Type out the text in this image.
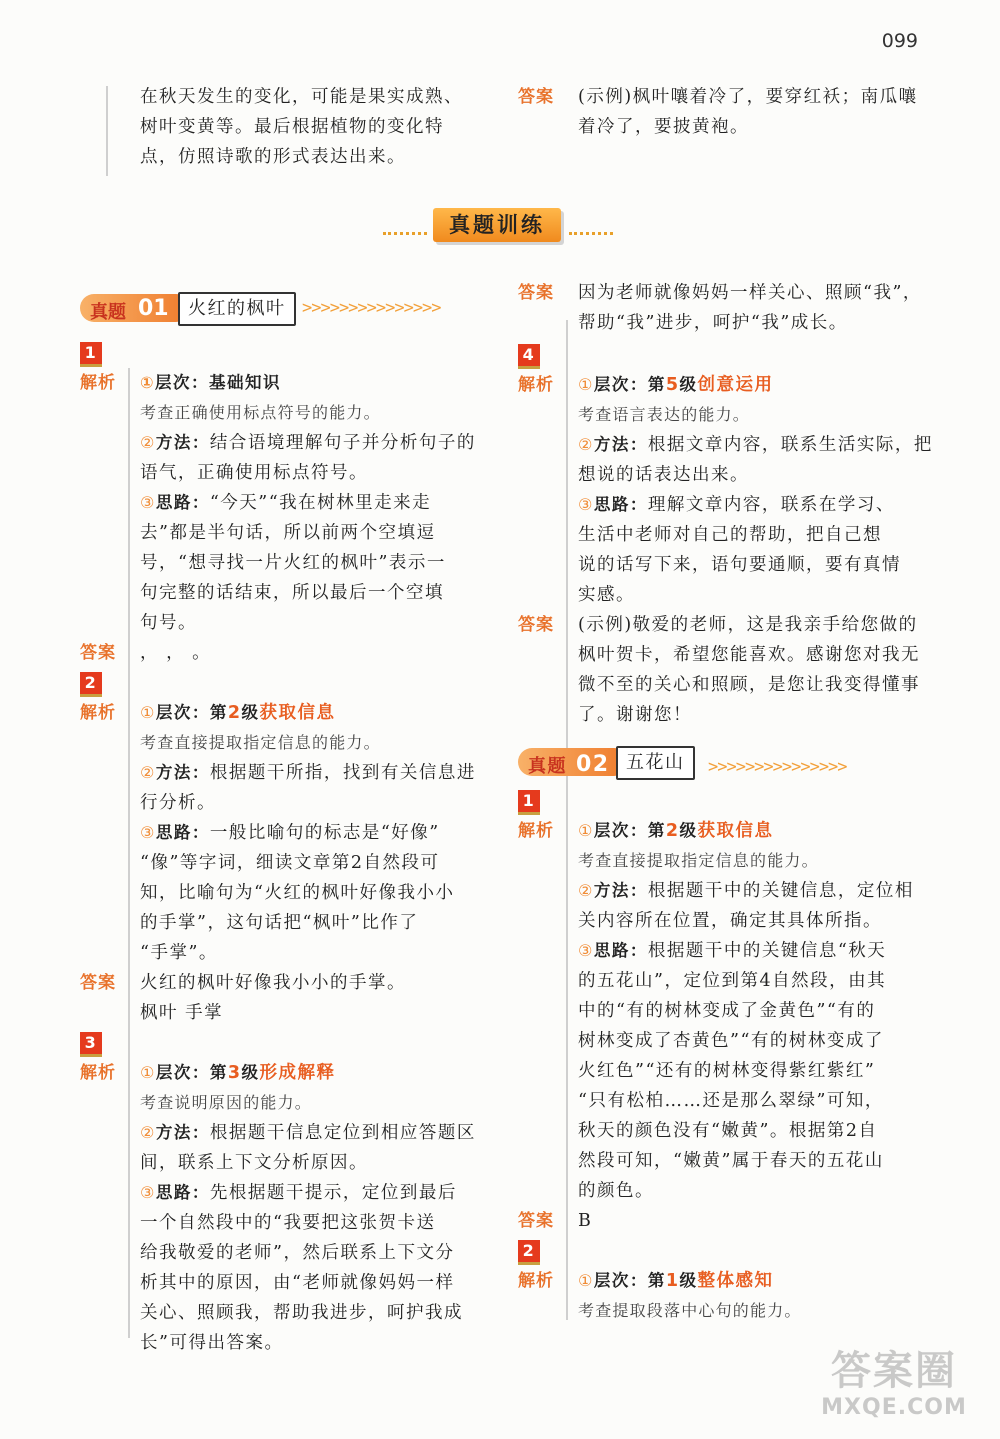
099
在秋天发生的变化，可能是果实成熟、
树叶变黄等。最后根据植物的变化特
点，仿照诗歌的形式表达出来。
答案	(示例)枫叶嚷着冷了，要穿红袄；南瓜嚷
着冷了，要披黄袍。
真题训练
真题 01	火红的枫叶 >>>>>>>>>>>>>>>
1
解析	①层次：基础知识
考查正确使用标点符号的能力。
②方法：结合语境理解句子并分析句子的
语气，正确使用标点符号。
③思路：“今天”“我在树林里走来走
去”都是半句话，所以前两个空填逗
号，“想寻找一片火红的枫叶”表示一
句完整的话结束，所以最后一个空填
句号。
答案	， ， 。
2
解析	①层次：第2级获取信息
考查直接提取指定信息的能力。
②方法：根据题干所指，找到有关信息进
行分析。
③思路：一般比喻句的标志是“好像”
“像”等字词，细读文章第2自然段可
知，比喻句为“火红的枫叶好像我小小
的手掌”，这句话把“枫叶”比作了
“手掌”。
答案	火红的枫叶好像我小小的手掌。
枫叶 手掌
3
解析	①层次：第3级形成解释
考查说明原因的能力。
②方法：根据题干信息定位到相应答题区
间，联系上下文分析原因。
③思路：先根据题干提示，定位到最后
一个自然段中的“我要把这张贺卡送
给我敬爱的老师”，然后联系上下文分
析其中的原因，由“老师就像妈妈一样
关心、照顾我，帮助我进步，呵护我成
长”可得出答案。
答案	因为老师就像妈妈一样关心、照顾“我”，
帮助“我”进步，呵护“我”成长。
4
解析	①层次：第5级创意运用
考查语言表达的能力。
②方法：根据文章内容，联系生活实际，把
想说的话表达出来。
③思路：理解文章内容，联系在学习、
生活中老师对自己的帮助，把自己想
说的话写下来，语句要通顺，要有真情
实感。
答案	(示例)敬爱的老师，这是我亲手给您做的
枫叶贺卡，希望您能喜欢。感谢您对我无
微不至的关心和照顾，是您让我变得懂事
了。谢谢您！
真题 02 五花山	>>>>>>>>>>>>>>>
1
解析	①层次：第2级获取信息
考查直接提取指定信息的能力。
②方法：根据题干中的关键信息，定位相
关内容所在位置，确定其具体所指。
③思路：根据题干中的关键信息“秋天
的五花山”，定位到第4自然段，由其
中的“有的树林变成了金黄色”“有的
树林变成了杏黄色”“有的树林变成了
火红色”“还有的树林变得紫红紫红”
“只有松柏……还是那么翠绿”可知，
秋天的颜色没有“嫩黄”。根据第2自
然段可知，“嫩黄”属于春天的五花山
的颜色。
答案	B
2
解析	①层次：第1级整体感知
考查提取段落中心句的能力。
答案圈
MXQE.COM
